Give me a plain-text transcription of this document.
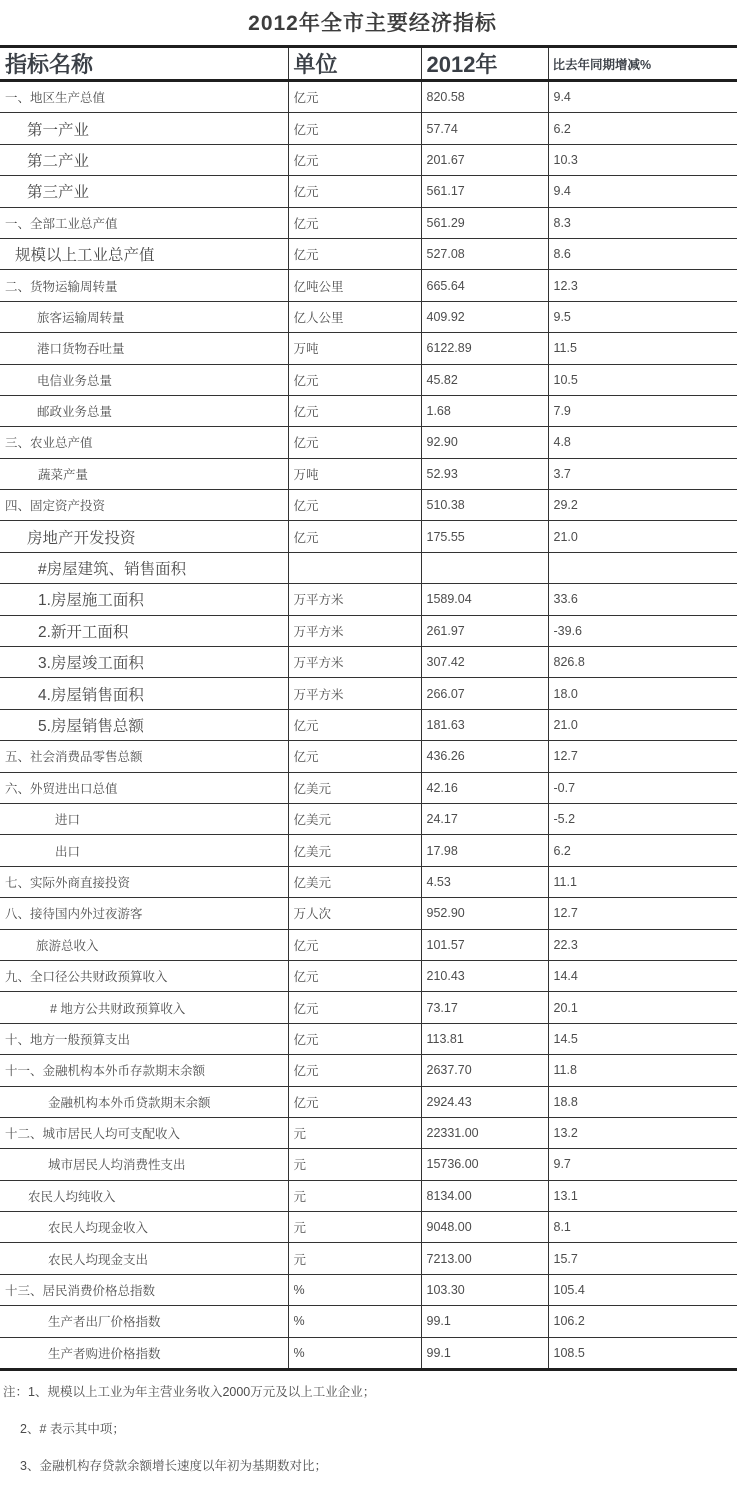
2012年全市主要经济指标
指标名称	单位	2012年	比去年同期增减%
一、地区生产总值	亿元	820.58	9.4
第一产业	亿元	57.74	6.2
第二产业	亿元	201.67	10.3
第三产业	亿元	561.17	9.4
一、全部工业总产值	亿元	561.29	8.3
规模以上工业总产值	亿元	527.08	8.6
二、货物运输周转量	亿吨公里	665.64	12.3
旅客运输周转量	亿人公里	409.92	9.5
港口货物吞吐量	万吨	6122.89	11.5
电信业务总量	亿元	45.82	10.5
邮政业务总量	亿元	1.68	7.9
三、农业总产值	亿元	92.90	4.8
蔬菜产量	万吨	52.93	3.7
四、固定资产投资	亿元	510.38	29.2
房地产开发投资	亿元	175.55	21.0
#房屋建筑、销售面积			
1.房屋施工面积	万平方米	1589.04	33.6
2.新开工面积	万平方米	261.97	-39.6
3.房屋竣工面积	万平方米	307.42	826.8
4.房屋销售面积	万平方米	266.07	18.0
5.房屋销售总额	亿元	181.63	21.0
五、社会消费品零售总额	亿元	436.26	12.7
六、外贸进出口总值	亿美元	42.16	-0.7
进口	亿美元	24.17	-5.2
出口	亿美元	17.98	6.2
七、实际外商直接投资	亿美元	4.53	11.1
八、接待国内外过夜游客	万人次	952.90	12.7
旅游总收入	亿元	101.57	22.3
九、全口径公共财政预算收入	亿元	210.43	14.4
# 地方公共财政预算收入	亿元	73.17	20.1
十、地方一般预算支出	亿元	113.81	14.5
十一、金融机构本外币存款期末余额	亿元	2637.70	11.8
金融机构本外币贷款期末余额	亿元	2924.43	18.8
十二、城市居民人均可支配收入	元	22331.00	13.2
城市居民人均消费性支出	元	15736.00	9.7
农民人均纯收入	元	8134.00	13.1
农民人均现金收入	元	9048.00	8.1
农民人均现金支出	元	7213.00	15.7
十三、居民消费价格总指数	%	103.30	105.4
生产者出厂价格指数	%	99.1	106.2
生产者购进价格指数	%	99.1	108.5
注：1、规模以上工业为年主营业务收入2000万元及以上工业企业；
2、# 表示其中项；
3、金融机构存贷款余额增长速度以年初为基期数对比；
